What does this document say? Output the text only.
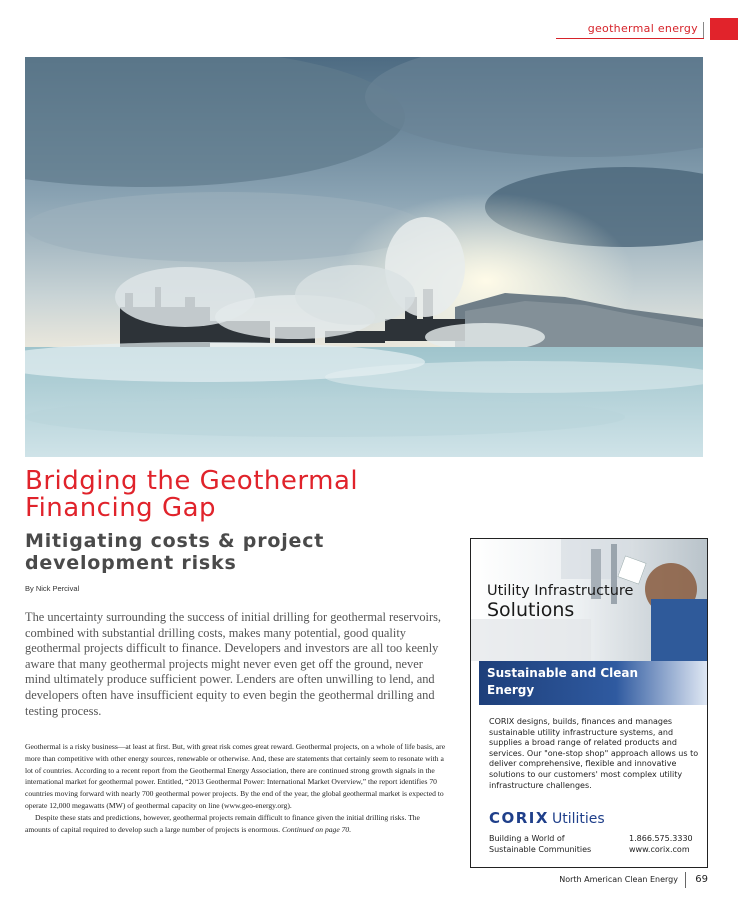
geothermal energy
Bridging the Geothermal Financing Gap
Mitigating costs & project development risks
By Nick Percival

The uncertainty surrounding the success of initial drilling for geothermal reservoirs, combined with substantial drilling costs, makes many potential, good quality geothermal projects difficult to finance. Developers and investors are all too keenly aware that many geothermal projects might never even get off the ground, never mind ultimately produce sufficient power. Lenders are often unwilling to lend, and developers often have insufficient equity to even begin the geothermal drilling and testing process.

Geothermal is a risky business—at least at first. But, with great risk comes great reward. Geothermal projects, on a whole of life basis, are more than competitive with other energy sources, renewable or otherwise. And, these are statements that certainly seem to resonate with a lot of countries. According to a recent report from the Geothermal Energy Association, there are continued strong growth signals in the international market for geothermal power. Entitled, “2013 Geothermal Power: International Market Overview,” the report identifies 70 countries moving forward with nearly 700 geothermal power projects. By the end of the year, the global geothermal market is expected to operate 12,000 megawatts (MW) of geothermal capacity on line (www.geo-energy.org).

Despite these stats and predictions, however, geothermal projects remain difficult to finance given the initial drilling risks. The amounts of capital required to develop such a large number of projects is enormous. Continued on page 70.

Utility Infrastructure
Solutions
Sustainable and Clean Energy
CORIX designs, builds, finances and manages sustainable utility infrastructure systems, and supplies a broad range of related products and services. Our "one-stop shop" approach allows us to deliver comprehensive, flexible and innovative solutions to our customers' most complex utility infrastructure challenges.
CORIX Utilities
Building a World of
Sustainable Communities
1.866.575.3330
www.corix.com
North American Clean Energy 69
